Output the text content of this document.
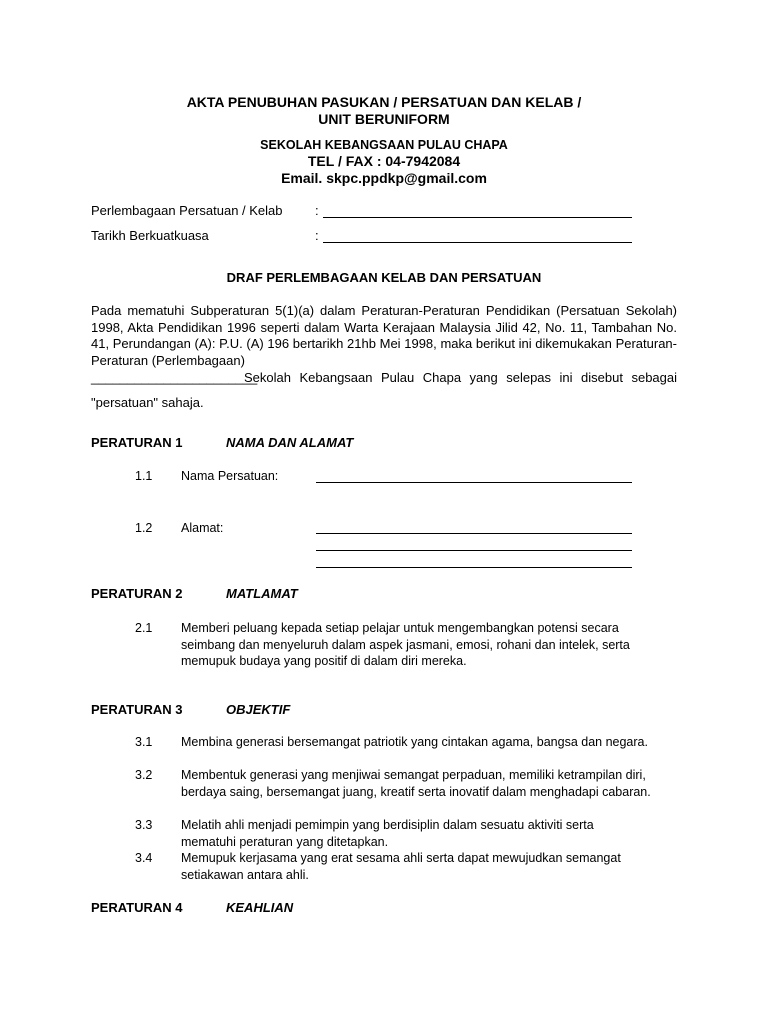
AKTA PENUBUHAN PASUKAN / PERSATUAN DAN KELAB /
UNIT BERUNIFORM
SEKOLAH KEBANGSAAN PULAU CHAPA
TEL / FAX : 04-7942084
Email. skpc.ppdkp@gmail.com
Perlembagaan Persatuan / Kelab :
Tarikh Berkuatkuasa	:
DRAF PERLEMBAGAAN KELAB DAN PERSATUAN
Pada mematuhi Subperaturan 5(1)(a) dalam Peraturan-Peraturan Pendidikan (Persatuan Sekolah) 1998, Akta Pendidikan 1996 seperti dalam Warta Kerajaan Malaysia Jilid 42, No. 11, Tambahan No. 41, Perundangan (A): P.U. (A) 196 bertarikh 21hb Mei 1998, maka berikut ini dikemukakan Peraturan-Peraturan (Perlembagaan)
_______________________
Sekolah Kebangsaan Pulau Chapa yang selepas ini disebut sebagai
"persatuan" sahaja.
PERATURAN 1	NAMA DAN ALAMAT
1.1 Nama Persatuan:
1.2 Alamat:
PERATURAN 2	MATLAMAT
2.1 Memberi peluang kepada setiap pelajar untuk mengembangkan potensi secara seimbang dan menyeluruh dalam aspek jasmani, emosi, rohani dan intelek, serta memupuk budaya yang positif di dalam diri mereka.
PERATURAN 3	OBJEKTIF
3.1 Membina generasi bersemangat patriotik yang cintakan agama, bangsa dan negara.
3.2 Membentuk generasi yang menjiwai semangat perpaduan, memiliki ketrampilan diri, berdaya saing, bersemangat juang, kreatif serta inovatif dalam menghadapi cabaran.
3.3 Melatih ahli menjadi pemimpin yang berdisiplin dalam sesuatu aktiviti serta mematuhi peraturan yang ditetapkan.
3.4 Memupuk kerjasama yang erat sesama ahli serta dapat mewujudkan semangat setiakawan antara ahli.
PERATURAN 4	KEAHLIAN
